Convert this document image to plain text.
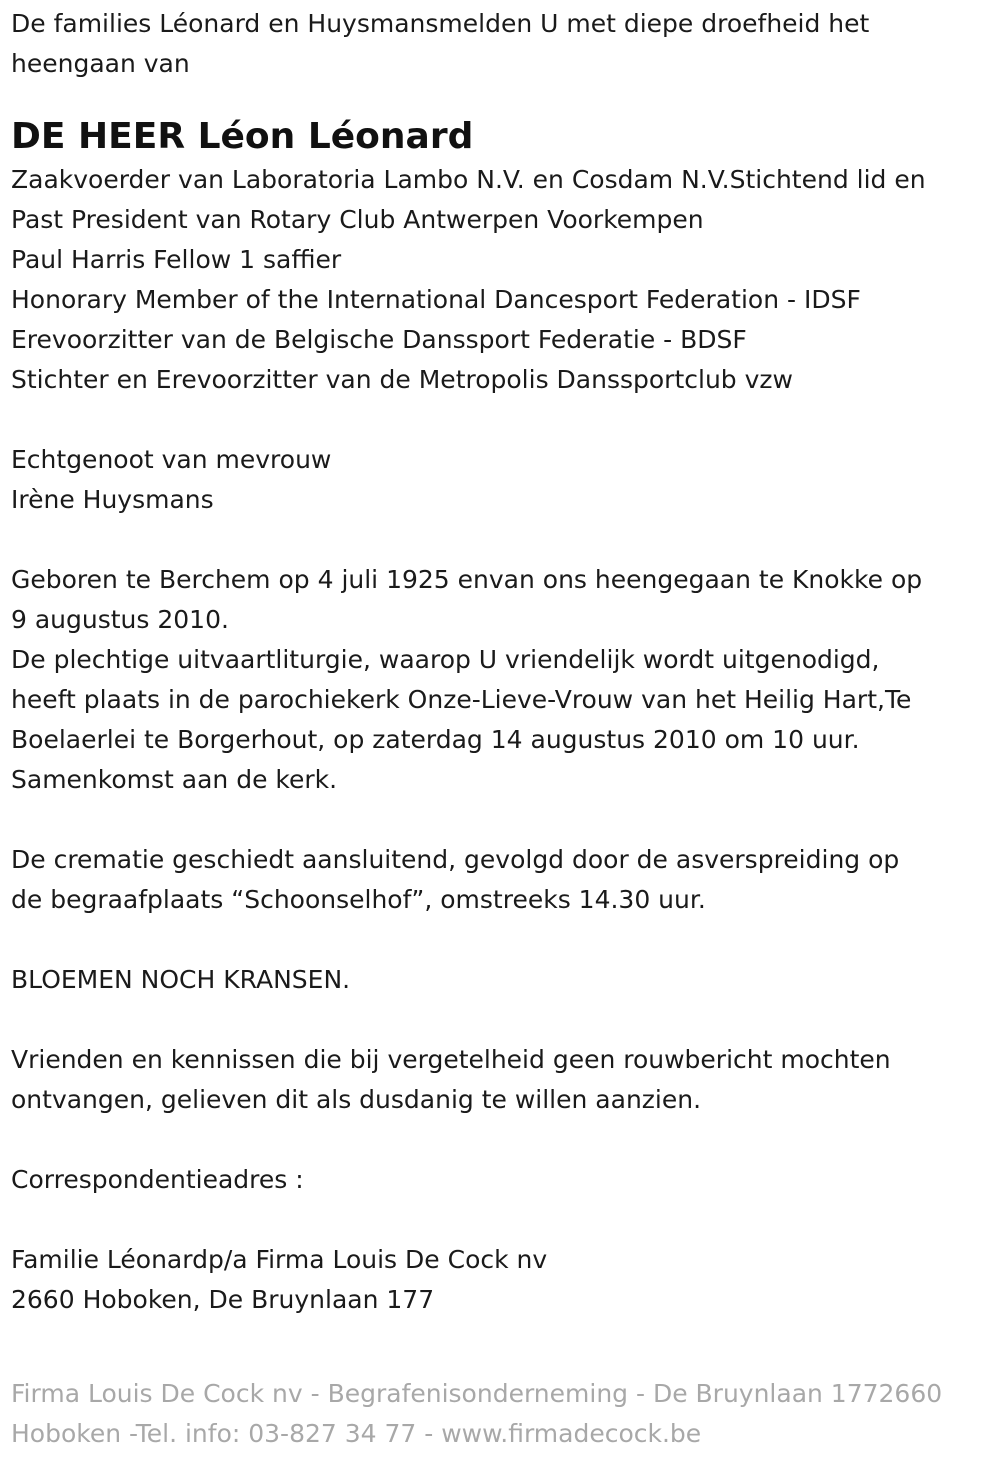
De families Léonard en Huysmansmelden U met diepe droefheid het
heengaan van

DE HEER Léon Léonard
Zaakvoerder van Laboratoria Lambo N.V. en Cosdam N.V.Stichtend lid en
Past President van Rotary Club Antwerpen Voorkempen
Paul Harris Fellow 1 saffier
Honorary Member of the International Dancesport Federation - IDSF
Erevoorzitter van de Belgische Danssport Federatie - BDSF
Stichter en Erevoorzitter van de Metropolis Danssportclub vzw
Echtgenoot van mevrouw
Irène Huysmans
Geboren te Berchem op 4 juli 1925 envan ons heengegaan te Knokke op
9 augustus 2010.
De plechtige uitvaartliturgie, waarop U vriendelijk wordt uitgenodigd,
heeft plaats in de parochiekerk Onze-Lieve-Vrouw van het Heilig Hart,Te
Boelaerlei te Borgerhout, op zaterdag 14 augustus 2010 om 10 uur.
Samenkomst aan de kerk.
De crematie geschiedt aansluitend, gevolgd door de asverspreiding op
de begraafplaats “Schoonselhof”, omstreeks 14.30 uur.
BLOEMEN NOCH KRANSEN.
Vrienden en kennissen die bij vergetelheid geen rouwbericht mochten
ontvangen, gelieven dit als dusdanig te willen aanzien.
Correspondentieadres :
Familie Léonardp/a Firma Louis De Cock nv
2660 Hoboken, De Bruynlaan 177
Firma Louis De Cock nv - Begrafenisonderneming - De Bruynlaan 1772660
Hoboken -Tel. info: 03-827 34 77 - www.firmadecock.be
